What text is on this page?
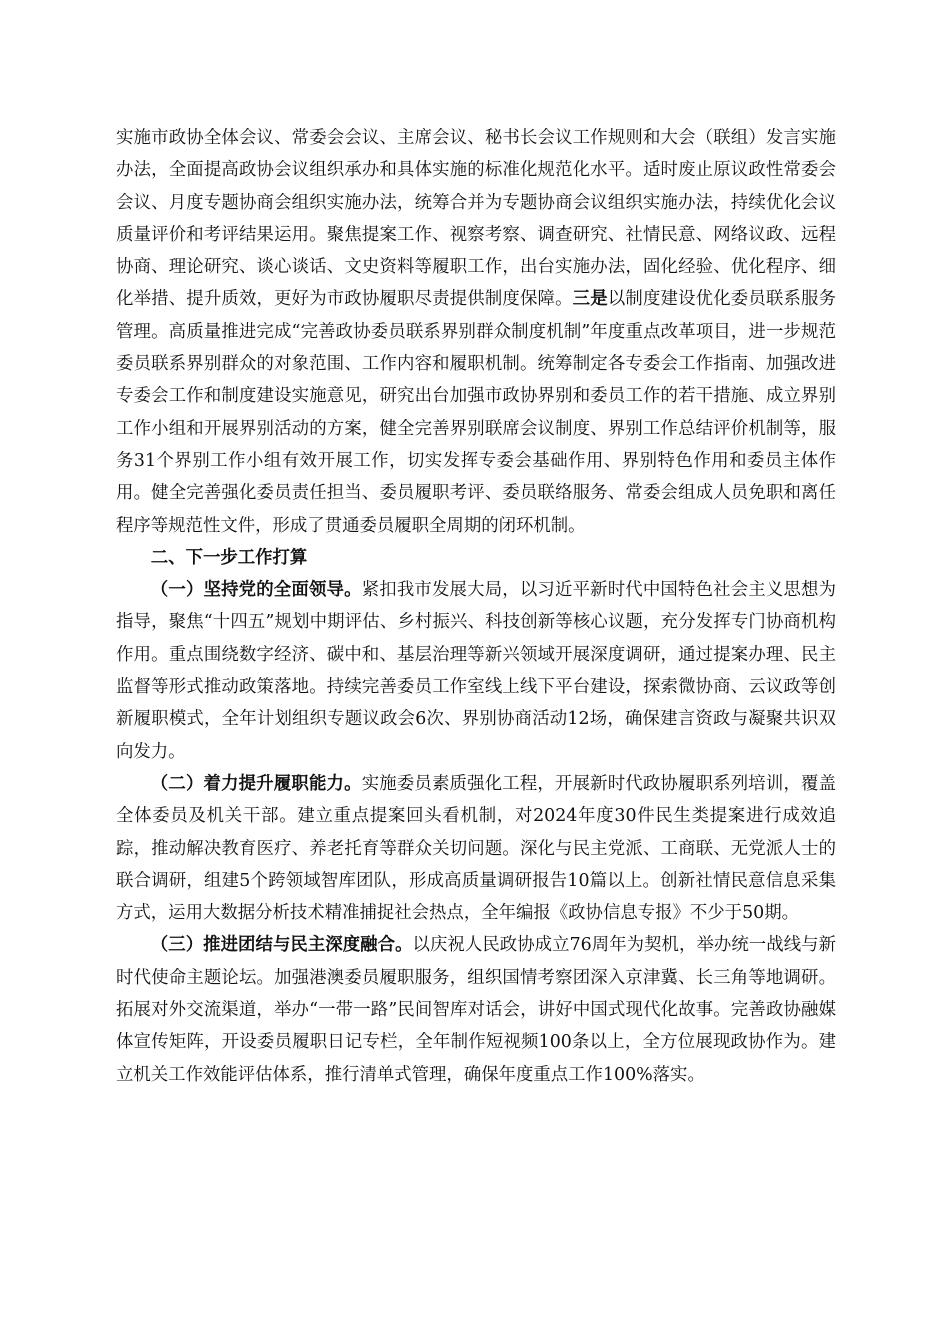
实施市政协全体会议、常委会会议、主席会议、秘书长会议工作规则和大会（联组）发言实施办法，全面提高政协会议组织承办和具体实施的标准化规范化水平。适时废止原议政性常委会会议、月度专题协商会组织实施办法，统筹合并为专题协商会议组织实施办法，持续优化会议质量评价和考评结果运用。聚焦提案工作、视察考察、调查研究、社情民意、网络议政、远程协商、理论研究、谈心谈话、文史资料等履职工作，出台实施办法，固化经验、优化程序、细化举措、提升质效，更好为市政协履职尽责提供制度保障。三是以制度建设优化委员联系服务管理。高质量推进完成“完善政协委员联系界别群众制度机制”年度重点改革项目，进一步规范委员联系界别群众的对象范围、工作内容和履职机制。统筹制定各专委会工作指南、加强改进专委会工作和制度建设实施意见，研究出台加强市政协界别和委员工作的若干措施、成立界别工作小组和开展界别活动的方案，健全完善界别联席会议制度、界别工作总结评价机制等，服务31个界别工作小组有效开展工作，切实发挥专委会基础作用、界别特色作用和委员主体作用。健全完善强化委员责任担当、委员履职考评、委员联络服务、常委会组成人员免职和离任程序等规范性文件，形成了贯通委员履职全周期的闭环机制。

二、下一步工作打算

（一）坚持党的全面领导。紧扣我市发展大局，以习近平新时代中国特色社会主义思想为指导，聚焦“十四五”规划中期评估、乡村振兴、科技创新等核心议题，充分发挥专门协商机构作用。重点围绕数字经济、碳中和、基层治理等新兴领域开展深度调研，通过提案办理、民主监督等形式推动政策落地。持续完善委员工作室线上线下平台建设，探索微协商、云议政等创新履职模式，全年计划组织专题议政会6次、界别协商活动12场，确保建言资政与凝聚共识双向发力。

（二）着力提升履职能力。实施委员素质强化工程，开展新时代政协履职系列培训，覆盖全体委员及机关干部。建立重点提案回头看机制，对2024年度30件民生类提案进行成效追踪，推动解决教育医疗、养老托育等群众关切问题。深化与民主党派、工商联、无党派人士的联合调研，组建5个跨领域智库团队，形成高质量调研报告10篇以上。创新社情民意信息采集方式，运用大数据分析技术精准捕捉社会热点，全年编报《政协信息专报》不少于50期。

（三）推进团结与民主深度融合。以庆祝人民政协成立76周年为契机，举办统一战线与新时代使命主题论坛。加强港澳委员履职服务，组织国情考察团深入京津冀、长三角等地调研。拓展对外交流渠道，举办“一带一路”民间智库对话会，讲好中国式现代化故事。完善政协融媒体宣传矩阵，开设委员履职日记专栏，全年制作短视频100条以上，全方位展现政协作为。建立机关工作效能评估体系，推行清单式管理，确保年度重点工作100%落实。
